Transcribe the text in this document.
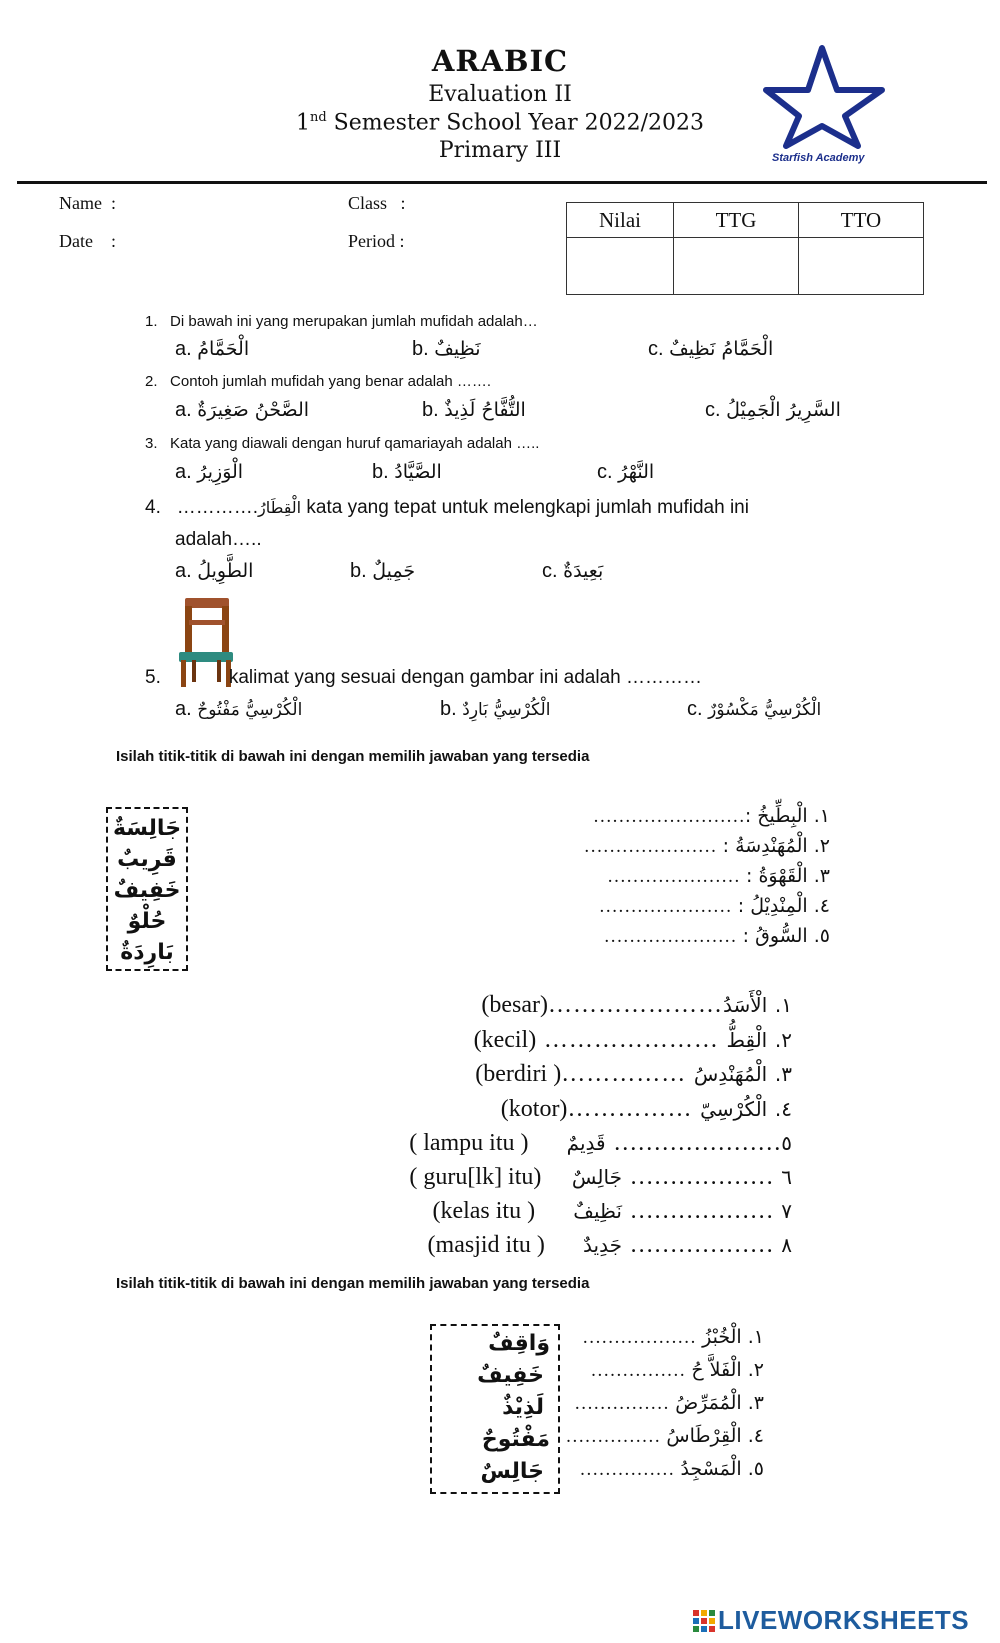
ARABIC
Evaluation II
1nd Semester School Year 2022/2023
Primary III	Starfish Academy
Name :	Class :
Date :	Period :
Nilai	TTG	TTO

1. Di bawah ini yang merupakan jumlah mufidah adalah…
a. الْحَمَّامُ	b. نَظِيفٌ	c. الْحَمَّامُ نَظِيفٌ
2. Contoh jumlah mufidah yang benar adalah …….
a. الصَّحْنُ صَغِيرَةٌ	b. التُّفَّاحُ لَذِيذٌ	c. السَّرِيرُ الْجَمِيْلُ
3. Kata yang diawali dengan huruf qamariayah adalah …..
a. الْوَزِيرُ	b. الصَّيَّادُ	c. النَّهْرُ
4. ………….الْقِطَارُ kata yang tepat untuk melengkapi jumlah mufidah ini
adalah…..
a. الطَّوِيلُ	b. جَمِيلٌ	c. بَعِيدَةٌ
5.	kalimat yang sesuai dengan gambar ini adalah …………
a. الْكُرْسِيُّ مَفْتُوحٌ	b. الْكُرْسِيُّ بَارِدٌ	c. الْكُرْسِيُّ مَكْسُوْرٌ
Isilah titik-titik di bawah ini dengan memilih jawaban yang tersedia
جَالِسَةٌ
قَرِيبٌ
خَفِيفٌ
حُلْوٌ
بَارِدَةٌ
١. الْبِطِّيخُ :……………………
٢. الْمُهَنْدِسَةُ : …………………
٣. الْقَهْوَةُ : …………………
٤. الْمِنْدِيْلُ : …………………
٥. السُّوقُ : …………………
(besar)…………………الْأَسَدُ ١.
(kecil) ………………… الْقِطُّ ٢.
(berdiri )…………… الْمُهَنْدِسُ ٣.
(kotor)…………… الْكُرْسِيّ ٤.
( lampu itu ) قَدِيمٌ …………………٥
( guru[lk] itu) جَالِسٌ ……………… ٦
(kelas itu ) نَظِيفٌ ……………… ٧
(masjid itu ) جَدِيدٌ ……………… ٨
Isilah titik-titik di bawah ini dengan memilih jawaban yang tersedia
وَاقِفٌ
خَفِيفٌ
لَذِيْذٌ
مَفْتُوحٌ
جَالِسٌ
١. الْخُبْزُ ………………
٢. الْفَلاَّ حُ ……………
٣. الْمُمَرِّضُ ……………
٤. الْقِرْطَاسُ ……………
٥. الْمَسْجِدُ ……………
LIVEWORKSHEETS
